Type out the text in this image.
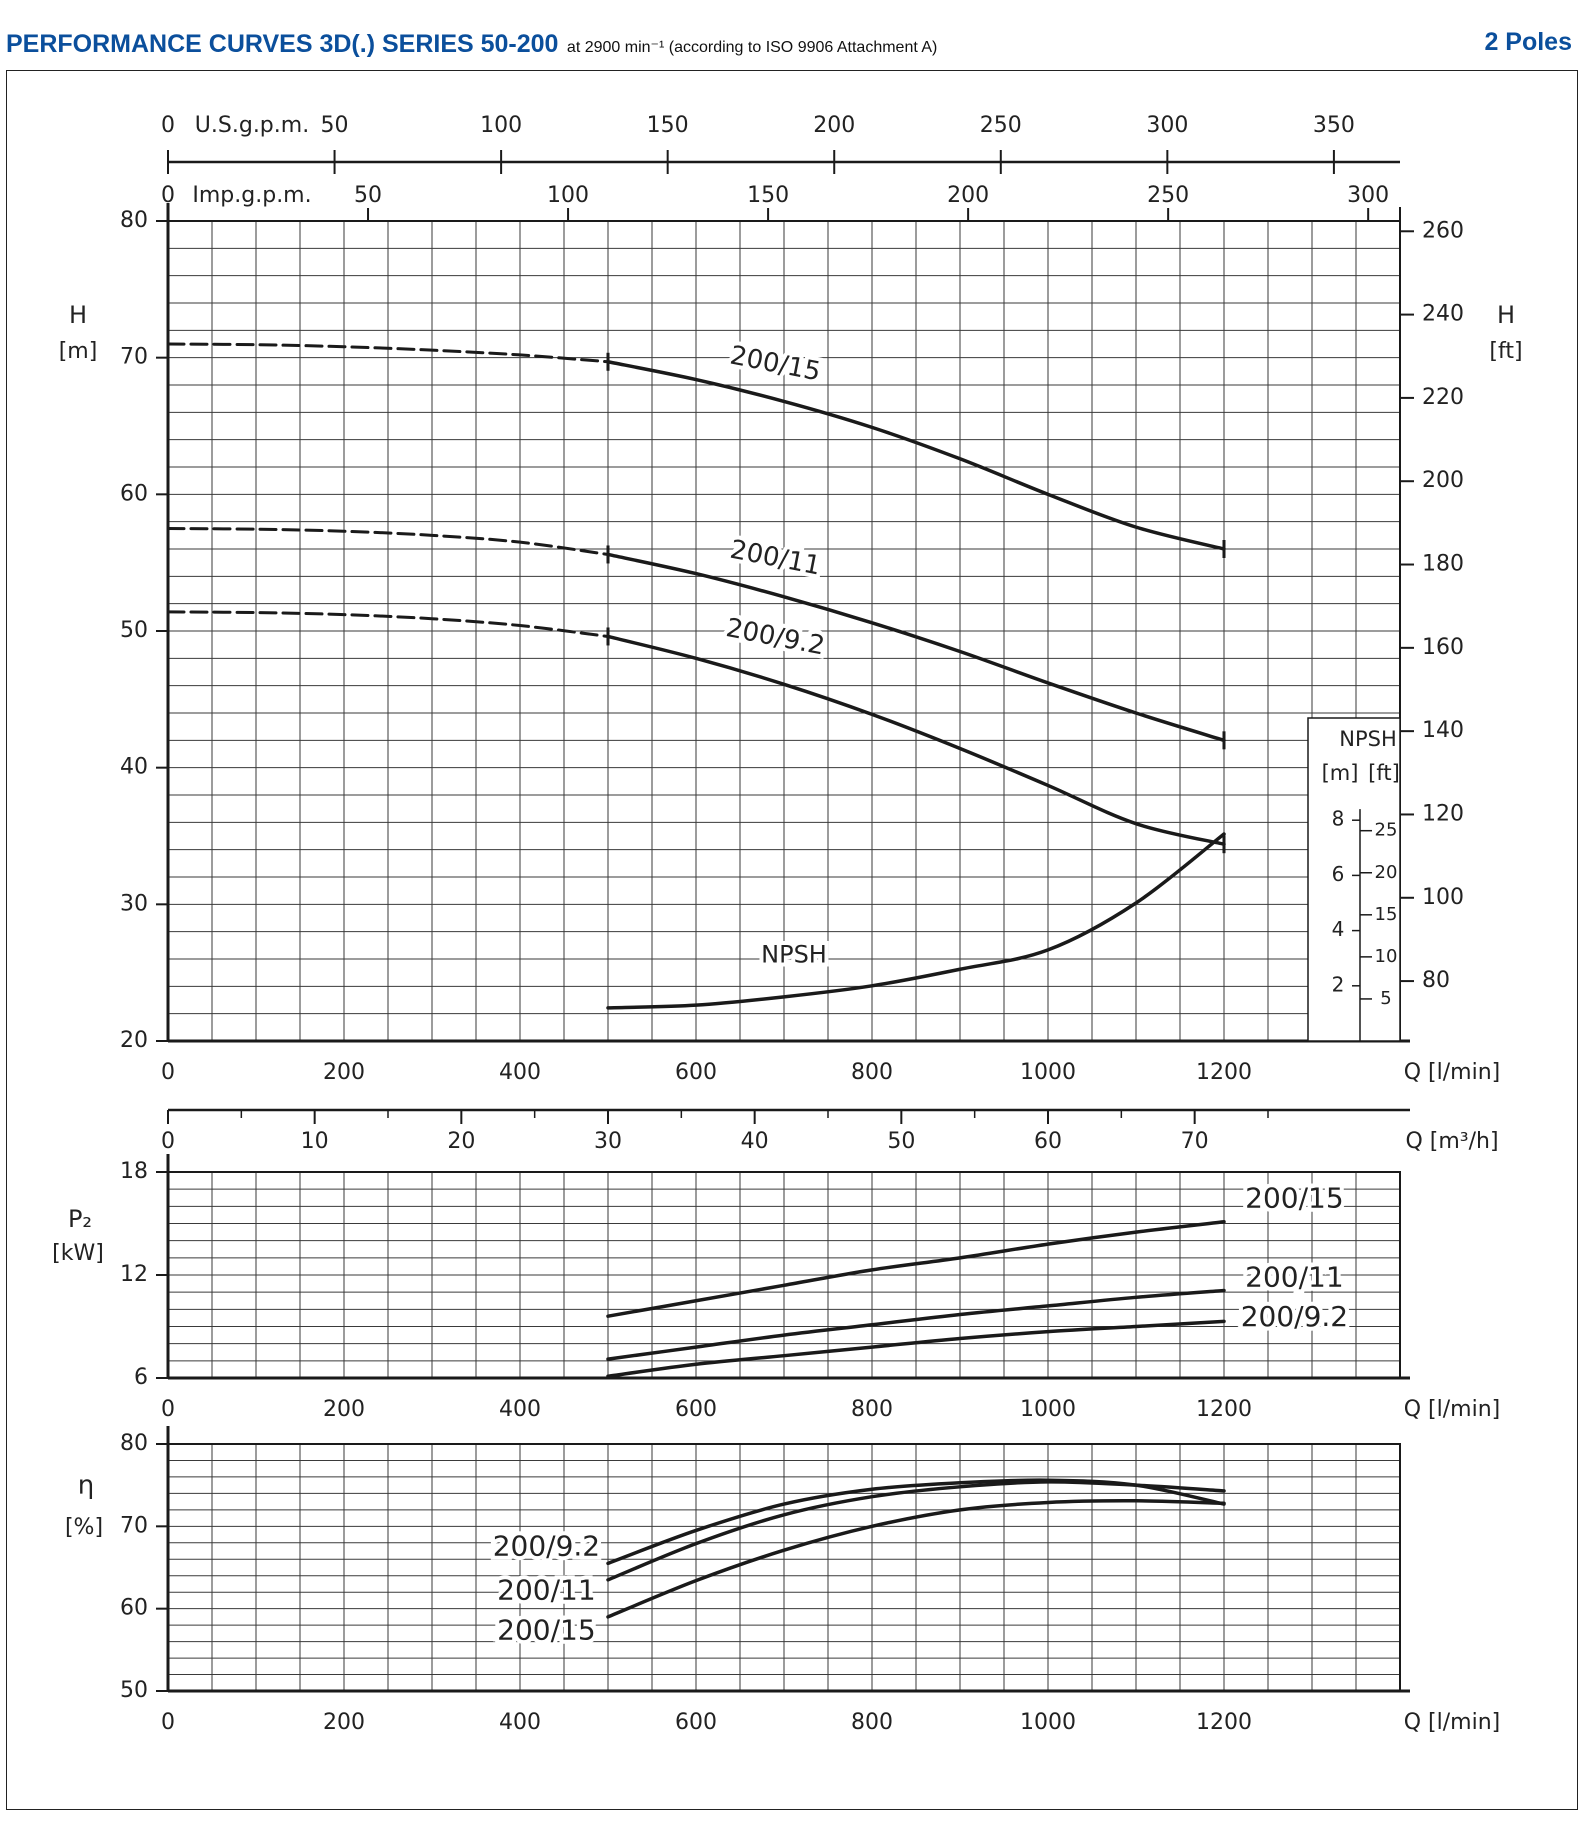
PERFORMANCE CURVES 3D(.) SERIES 50-200 at 2900 min⁻¹ (according to ISO 9906 Attachment A)	2 Poles
20
30
40
50
60
70
80
0	200	400	600	800	1000	1200	Q [l/min]
H
[m]
H
[ft]
80
100
120
140
160
180
200
220
240
260
0	50	100	150	200	250	300	350
U.S.g.p.m.
0	50	100	150	200	250	300
Imp.g.p.m.
200/15
200/11
200/9.2
NPSH
[m] [ft]
2
4
6
8
5
10
15
20
25
NPSH
0	10	20	30	40	50	60	70	Q [m³/h]
6
12
18
0	200	400	600	800	1000	1200	Q [l/min]
P₂
[kW]
200/15
200/11
200/9.2
50
60
70
80
0	200	400	600	800	1000	1200	Q [l/min]
η
[%]
200/9.2
200/11
200/15
